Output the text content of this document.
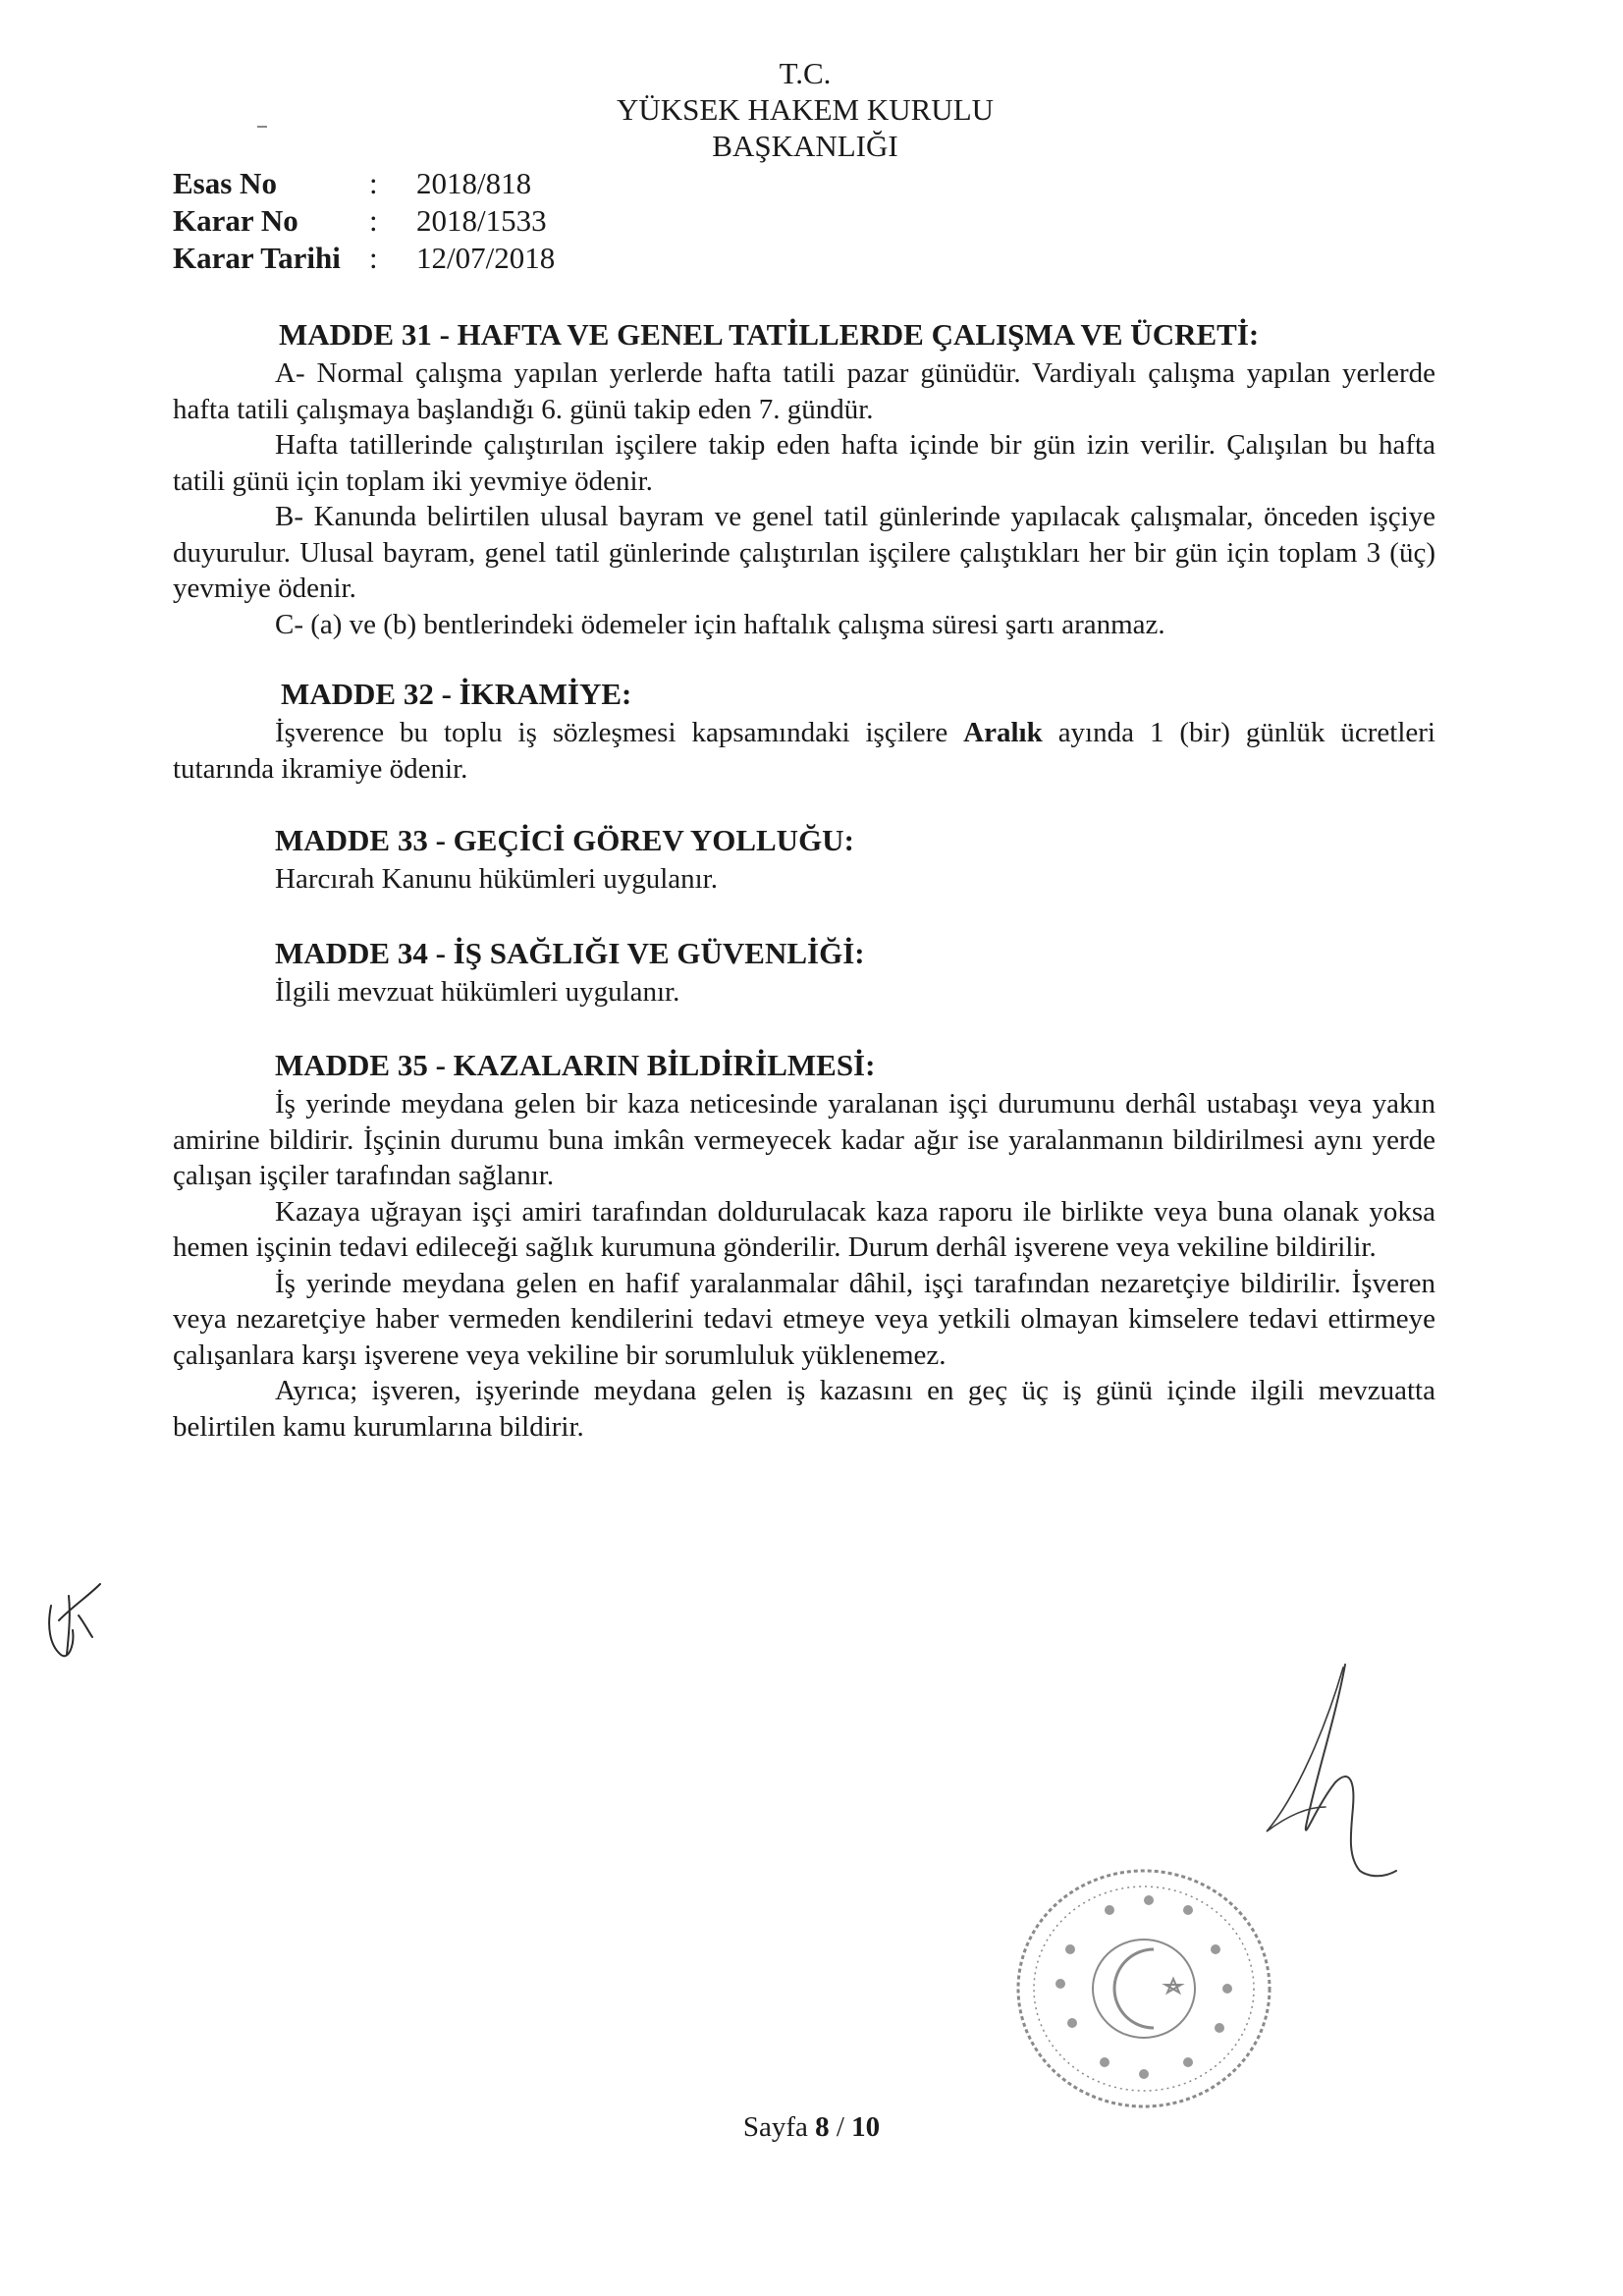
T.C.
YÜKSEK HAKEM KURULU
BAŞKANLIĞI
Esas No	:	2018/818
Karar No	:	2018/1533
Karar Tarihi :	12/07/2018
MADDE 31 - HAFTA VE GENEL TATİLLERDE ÇALIŞMA VE ÜCRETİ:

A- Normal çalışma yapılan yerlerde hafta tatili pazar günüdür. Vardiyalı çalışma yapılan yerlerde hafta tatili çalışmaya başlandığı 6. günü takip eden 7. gündür.

Hafta tatillerinde çalıştırılan işçilere takip eden hafta içinde bir gün izin verilir. Çalışılan bu hafta tatili günü için toplam iki yevmiye ödenir.

B- Kanunda belirtilen ulusal bayram ve genel tatil günlerinde yapılacak çalışmalar, önceden işçiye duyurulur. Ulusal bayram, genel tatil günlerinde çalıştırılan işçilere çalıştıkları her bir gün için toplam 3 (üç) yevmiye ödenir.

C- (a) ve (b) bentlerindeki ödemeler için haftalık çalışma süresi şartı aranmaz.

MADDE 32 - İKRAMİYE:

İşverence bu toplu iş sözleşmesi kapsamındaki işçilere Aralık ayında 1 (bir) günlük ücretleri tutarında ikramiye ödenir.

MADDE 33 - GEÇİCİ GÖREV YOLLUĞU:

Harcırah Kanunu hükümleri uygulanır.

MADDE 34 - İŞ SAĞLIĞI VE GÜVENLİĞİ:

İlgili mevzuat hükümleri uygulanır.

MADDE 35 - KAZALARIN BİLDİRİLMESİ:

İş yerinde meydana gelen bir kaza neticesinde yaralanan işçi durumunu derhâl ustabaşı veya yakın amirine bildirir. İşçinin durumu buna imkân vermeyecek kadar ağır ise yaralanmanın bildirilmesi aynı yerde çalışan işçiler tarafından sağlanır.

Kazaya uğrayan işçi amiri tarafından doldurulacak kaza raporu ile birlikte veya buna olanak yoksa hemen işçinin tedavi edileceği sağlık kurumuna gönderilir. Durum derhâl işverene veya vekiline bildirilir.

İş yerinde meydana gelen en hafif yaralanmalar dâhil, işçi tarafından nezaretçiye bildirilir. İşveren veya nezaretçiye haber vermeden kendilerini tedavi etmeye veya yetkili olmayan kimselere tedavi ettirmeye çalışanlara karşı işverene veya vekiline bir sorumluluk yüklenemez.

Ayrıca; işveren, işyerinde meydana gelen iş kazasını en geç üç iş günü içinde ilgili mevzuatta belirtilen kamu kurumlarına bildirir.

Sayfa 8 / 10
